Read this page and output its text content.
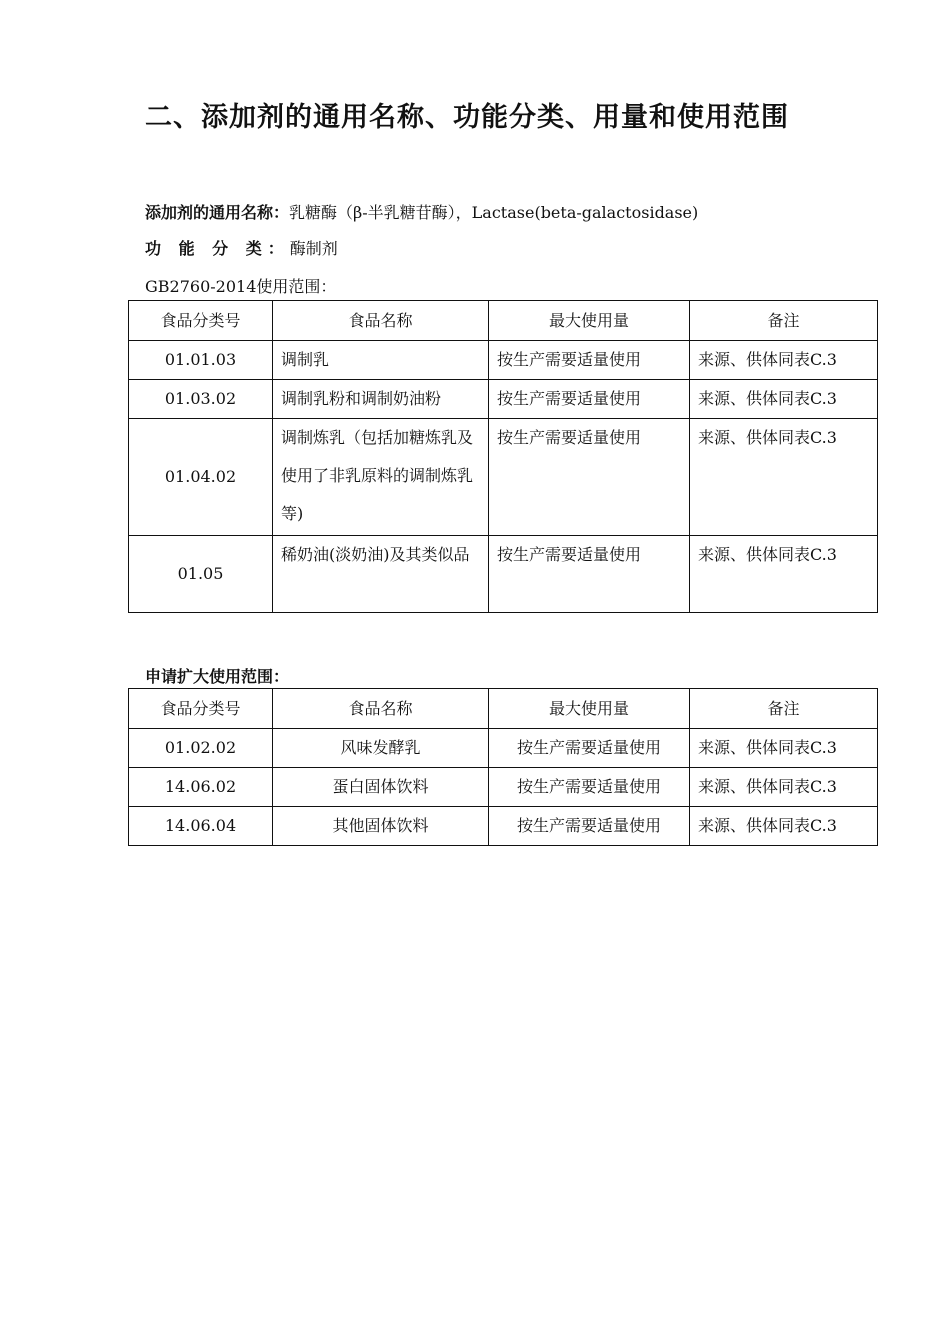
二、添加剂的通用名称、功能分类、用量和使用范围
添加剂的通用名称：乳糖酶（β-半乳糖苷酶），Lactase(beta-galactosidase)
功 能 分 类：酶制剂
GB2760-2014使用范围：
食品分类号	食品名称	最大使用量	备注
01.01.03	调制乳	按生产需要适量使用	来源、供体同表C.3
01.03.02	调制乳粉和调制奶油粉	按生产需要适量使用	来源、供体同表C.3
01.04.02	调制炼乳（包括加糖炼乳及使用了非乳原料的调制炼乳等)	按生产需要适量使用	来源、供体同表C.3
01.05	稀奶油(淡奶油)及其类似品	按生产需要适量使用	来源、供体同表C.3
申请扩大使用范围：
食品分类号	食品名称	最大使用量	备注
01.02.02	风味发酵乳	按生产需要适量使用	来源、供体同表C.3
14.06.02	蛋白固体饮料	按生产需要适量使用	来源、供体同表C.3
14.06.04	其他固体饮料	按生产需要适量使用	来源、供体同表C.3
